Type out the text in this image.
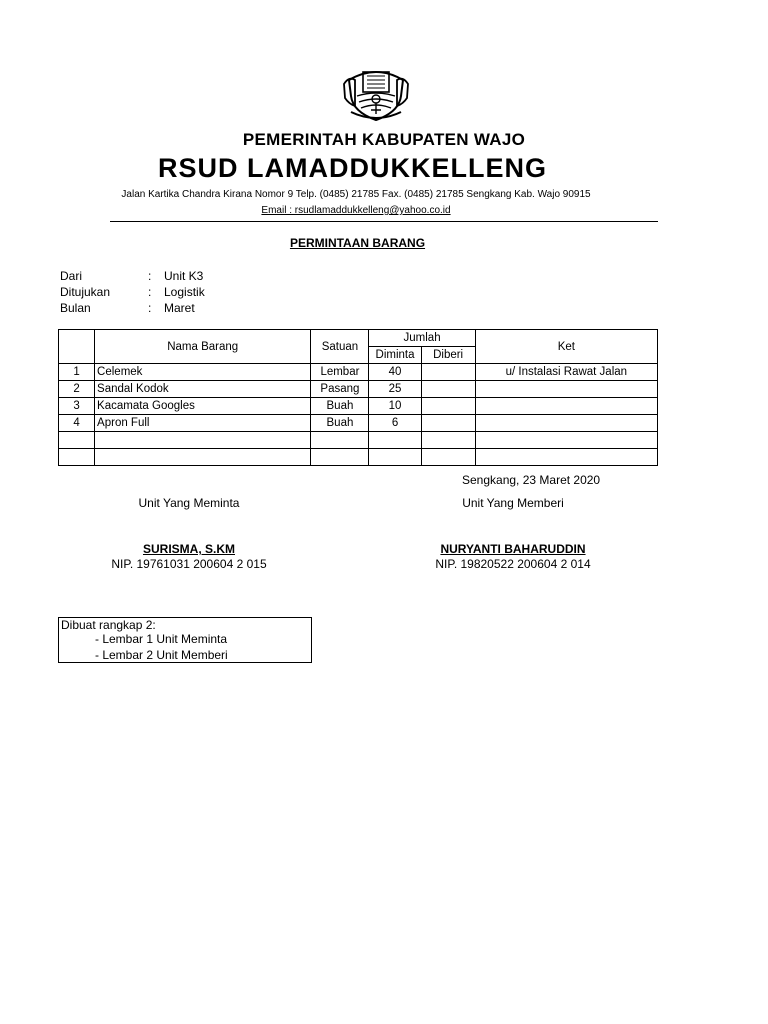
PEMERINTAH KABUPATEN WAJO
RSUD LAMADDUKKELLENG
Jalan Kartika Chandra Kirana Nomor 9 Telp. (0485) 21785 Fax. (0485) 21785 Sengkang Kab. Wajo 90915
Email : rsudlamaddukkelleng@yahoo.co.id
PERMINTAAN BARANG
Dari	: Unit K3
Ditujukan	: Logistik
Bulan	: Maret
	Nama Barang	Satuan	Jumlah		Ket
			Diminta	Diberi	
1	Celemek	Lembar	40		u/ Instalasi Rawat Jalan
2	Sandal Kodok	Pasang	25		
3	Kacamata Googles	Buah	10		
4	Apron Full	Buah	6		

Sengkang, 23 Maret 2020
Unit Yang Meminta	Unit Yang Memberi
SURISMA, S.KM	NURYANTI BAHARUDDIN
NIP. 19761031 200604 2 015	NIP. 19820522 200604 2 014
Dibuat rangkap 2:
- Lembar 1 Unit Meminta
- Lembar 2 Unit Memberi
